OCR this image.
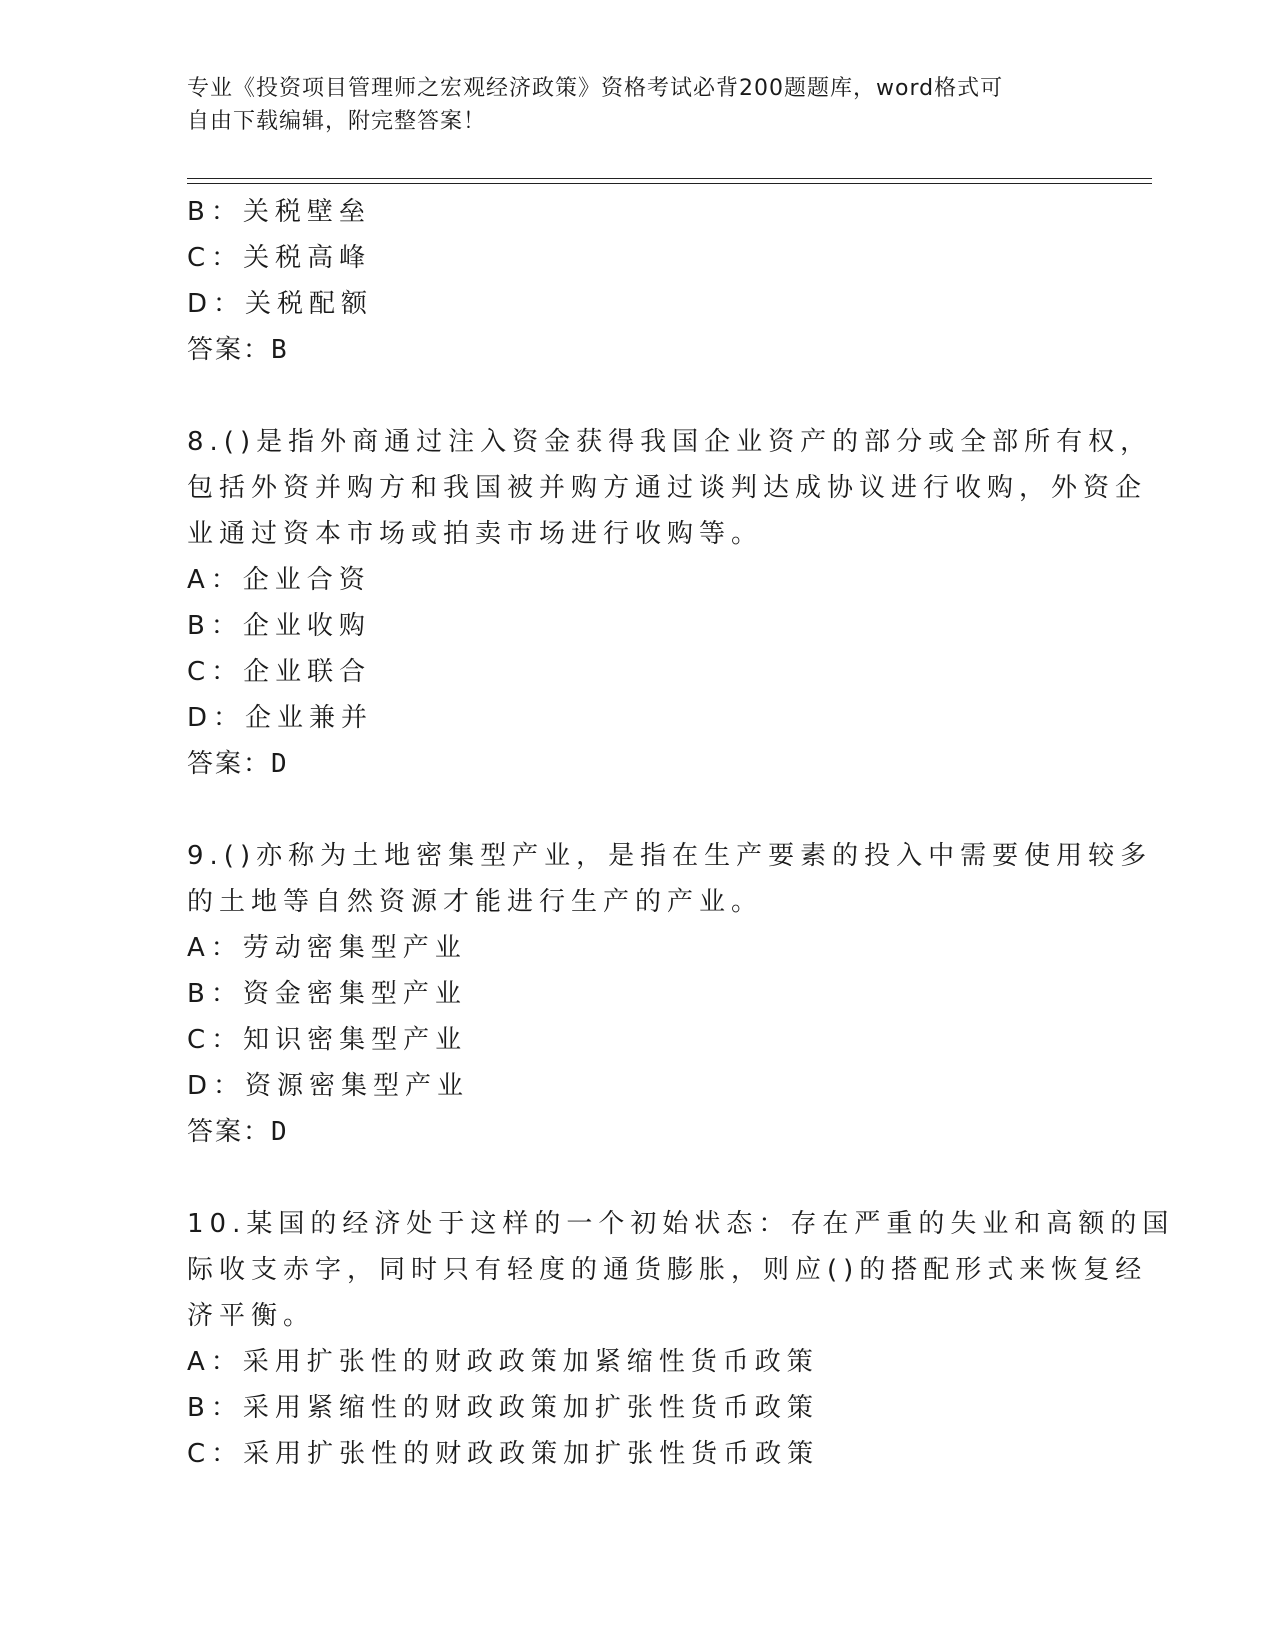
专业《投资项目管理师之宏观经济政策》资格考试必背200题题库，word格式可
自由下载编辑，附完整答案！
B：关税壁垒
C：关税高峰
D：关税配额
答案：B
8.()是指外商通过注入资金获得我国企业资产的部分或全部所有权，
包括外资并购方和我国被并购方通过谈判达成协议进行收购，外资企
业通过资本市场或拍卖市场进行收购等。
A：企业合资
B：企业收购
C：企业联合
D：企业兼并
答案：D
9.()亦称为土地密集型产业，是指在生产要素的投入中需要使用较多
的土地等自然资源才能进行生产的产业。
A：劳动密集型产业
B：资金密集型产业
C：知识密集型产业
D：资源密集型产业
答案：D
10.某国的经济处于这样的一个初始状态：存在严重的失业和高额的国
际收支赤字，同时只有轻度的通货膨胀，则应()的搭配形式来恢复经
济平衡。
A：采用扩张性的财政政策加紧缩性货币政策
B：采用紧缩性的财政政策加扩张性货币政策
C：采用扩张性的财政政策加扩张性货币政策
